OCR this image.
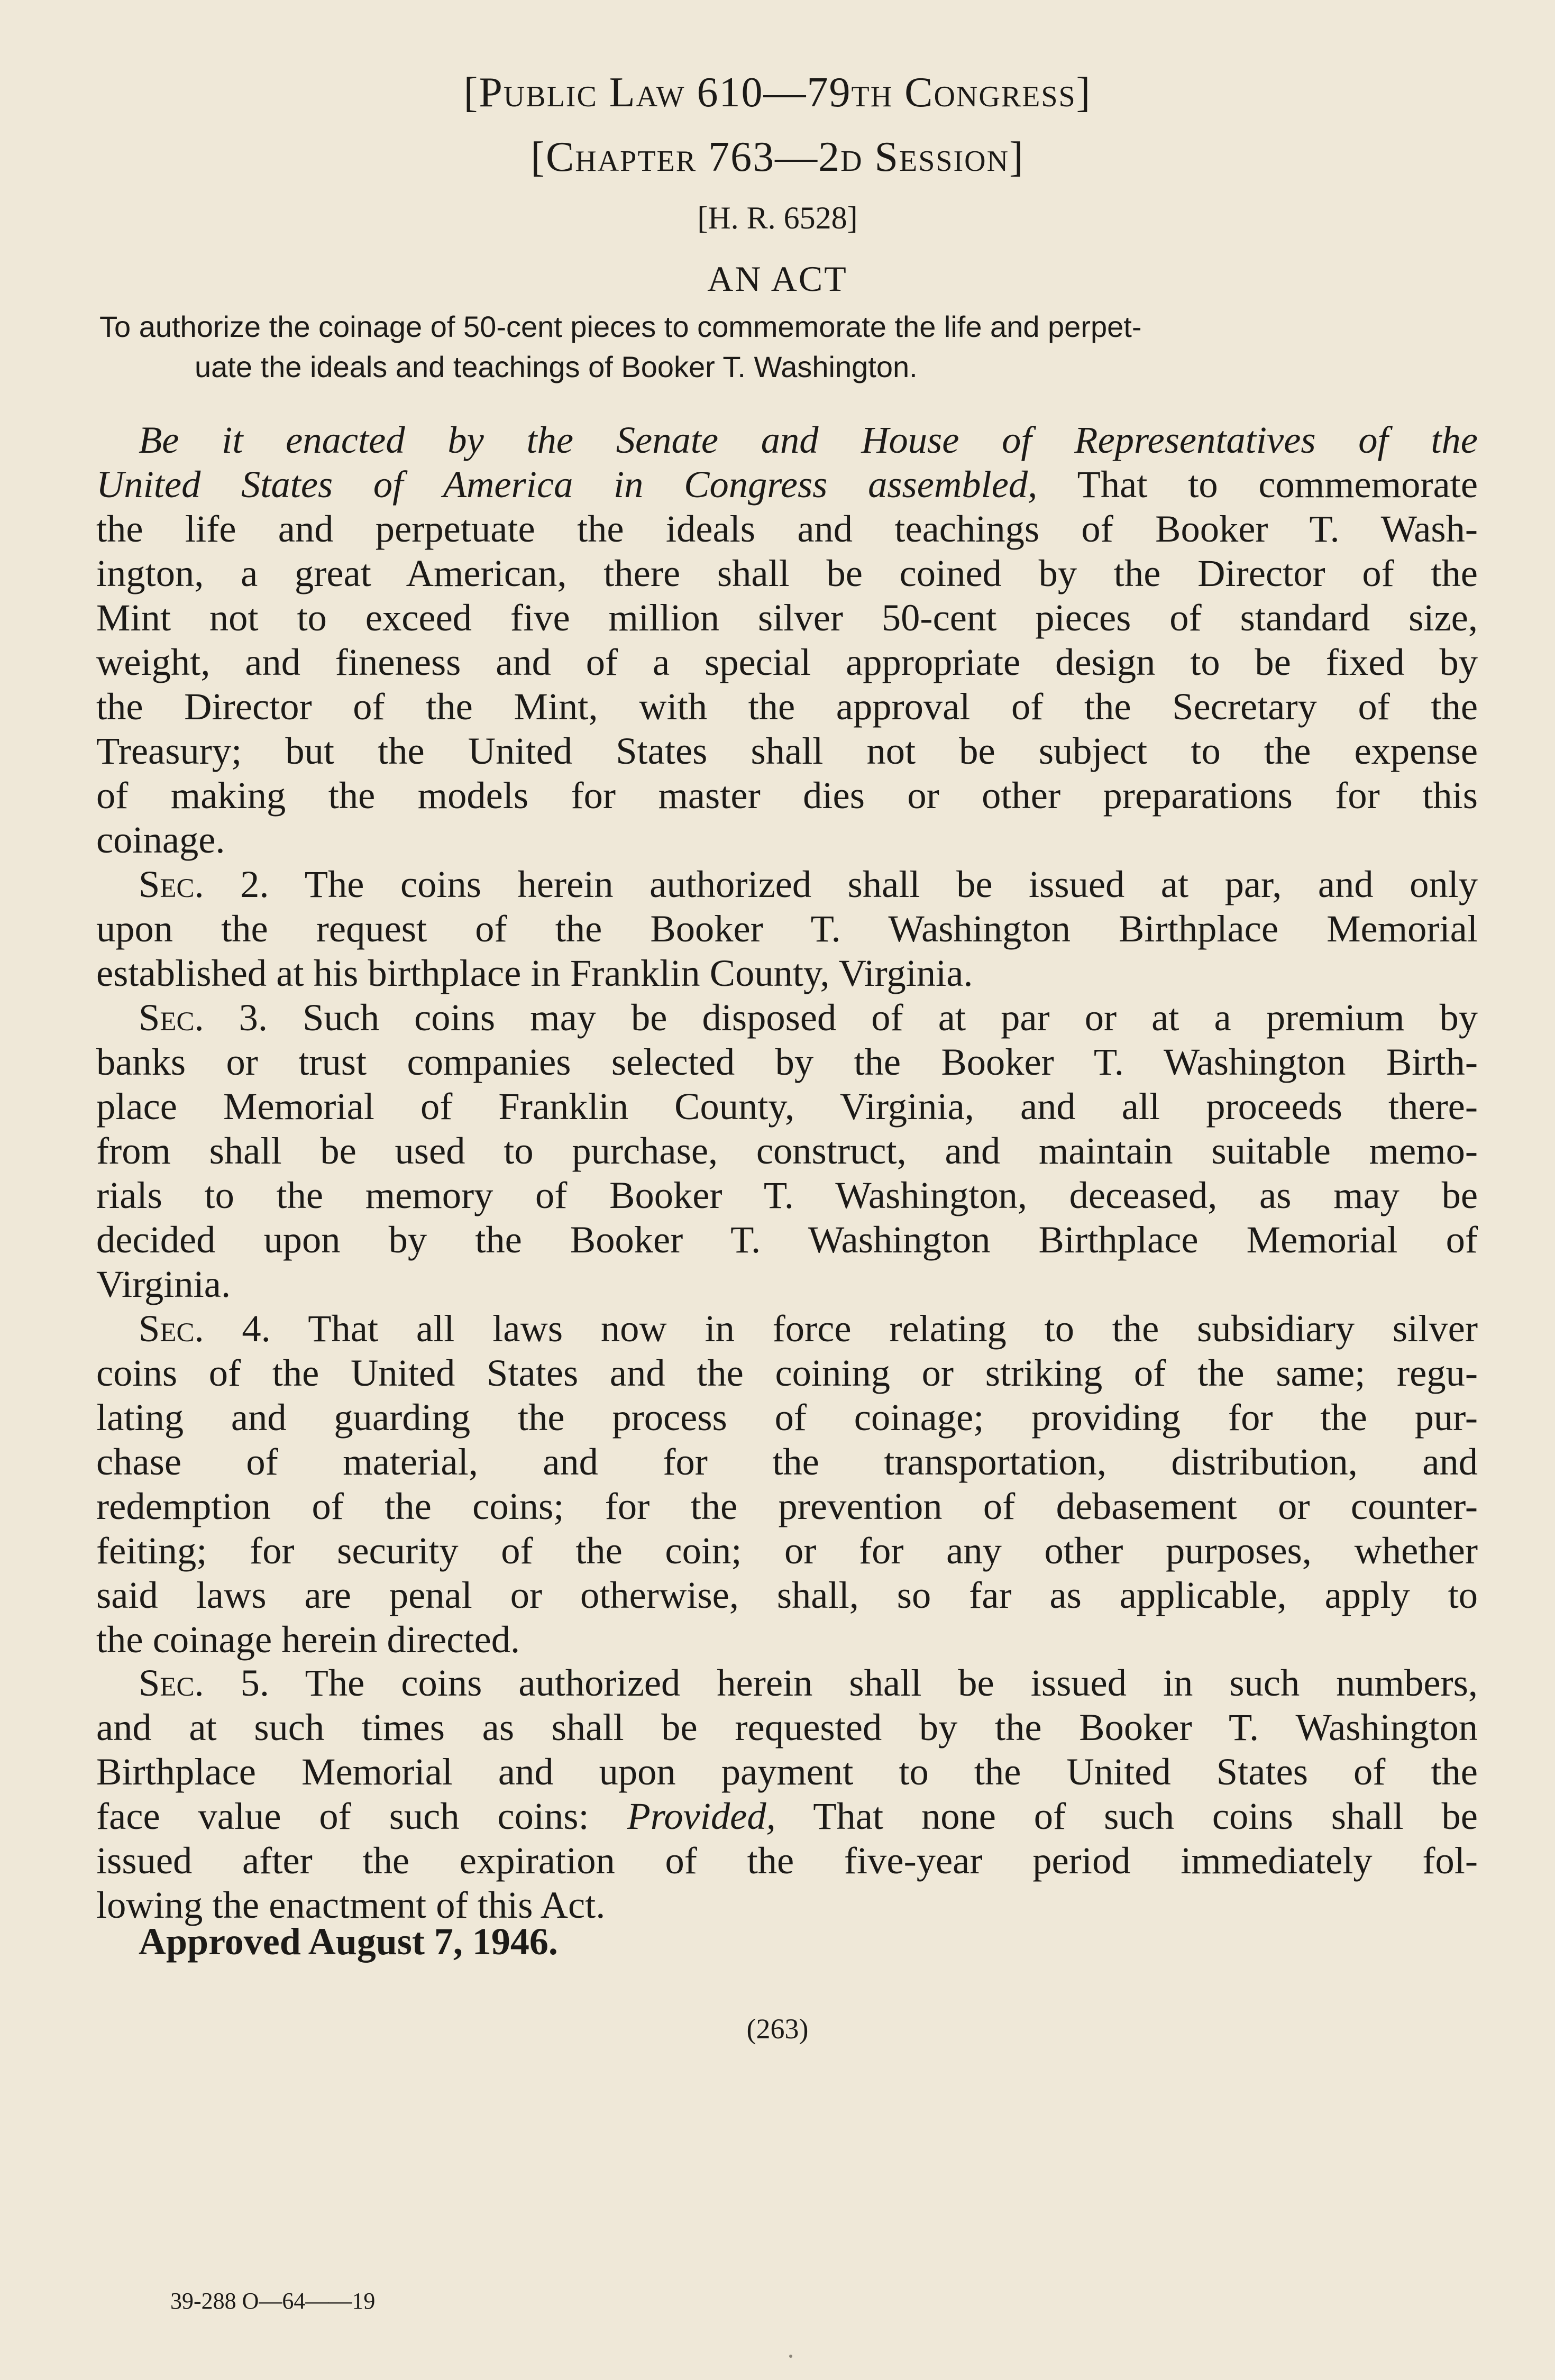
[Public Law 610—79th Congress]
[Chapter 763—2d Session]
[H. R. 6528]
AN ACT
To authorize the coinage of 50-cent pieces to commemorate the life and perpet-
uate the ideals and teachings of Booker T. Washington.
Be it enacted by the Senate and House of Representatives of the
United States of America in Congress assembled, That to commemorate
the life and perpetuate the ideals and teachings of Booker T. Wash-
ington, a great American, there shall be coined by the Director of the
Mint not to exceed five million silver 50-cent pieces of standard size,
weight, and fineness and of a special appropriate design to be fixed by
the Director of the Mint, with the approval of the Secretary of the
Treasury; but the United States shall not be subject to the expense
of making the models for master dies or other preparations for this
coinage.
Sec. 2. The coins herein authorized shall be issued at par, and only
upon the request of the Booker T. Washington Birthplace Memorial
established at his birthplace in Franklin County, Virginia.
Sec. 3. Such coins may be disposed of at par or at a premium by
banks or trust companies selected by the Booker T. Washington Birth-
place Memorial of Franklin County, Virginia, and all proceeds there-
from shall be used to purchase, construct, and maintain suitable memo-
rials to the memory of Booker T. Washington, deceased, as may be
decided upon by the Booker T. Washington Birthplace Memorial of
Virginia.
Sec. 4. That all laws now in force relating to the subsidiary silver
coins of the United States and the coining or striking of the same; regu-
lating and guarding the process of coinage; providing for the pur-
chase of material, and for the transportation, distribution, and
redemption of the coins; for the prevention of debasement or counter-
feiting; for security of the coin; or for any other purposes, whether
said laws are penal or otherwise, shall, so far as applicable, apply to
the coinage herein directed.
Sec. 5. The coins authorized herein shall be issued in such numbers,
and at such times as shall be requested by the Booker T. Washington
Birthplace Memorial and upon payment to the United States of the
face value of such coins: Provided, That none of such coins shall be
issued after the expiration of the five-year period immediately fol-
lowing the enactment of this Act.
Approved August 7, 1946.
(263)
39-288 O—64——19
